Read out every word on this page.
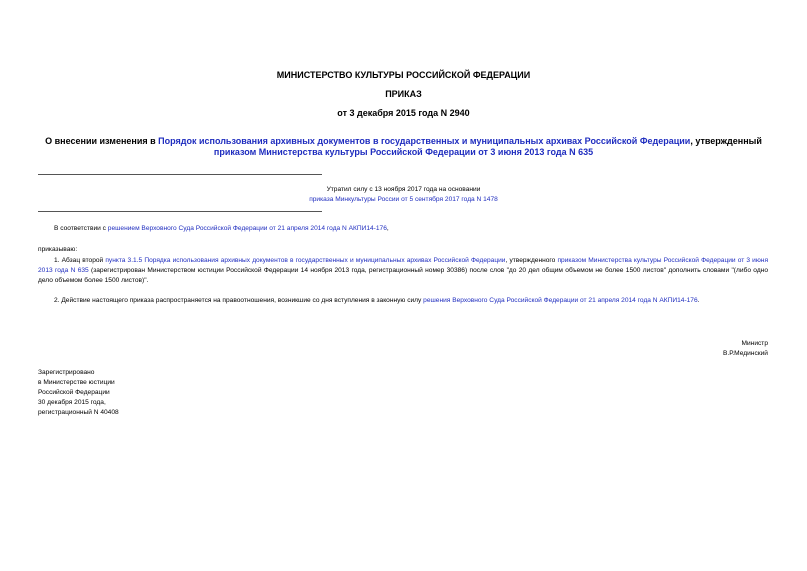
МИНИСТЕРСТВО КУЛЬТУРЫ РОССИЙСКОЙ ФЕДЕРАЦИИ
ПРИКАЗ
от 3 декабря 2015 года N 2940
О внесении изменения в Порядок использования архивных документов в государственных и муниципальных архивах Российской Федерации, утвержденный приказом Министерства культуры Российской Федерации от 3 июня 2013 года N 635
Утратил силу с 13 ноября 2017 года на основании
приказа Минкультуры России от 5 сентября 2017 года N 1478
В соответствии с решением Верховного Суда Российской Федерации от 21 апреля 2014 года N АКПИ14-176,
приказываю:
1. Абзац второй пункта 3.1.5 Порядка использования архивных документов в государственных и муниципальных архивах Российской Федерации, утвержденного приказом Министерства культуры Российской Федерации от 3 июня 2013 года N 635 (зарегистрирован Министерством юстиции Российской Федерации 14 ноября 2013 года, регистрационный номер 30386) после слов "до 20 дел общим объемом не более 1500 листов" дополнить словами "(либо одно дело объемом более 1500 листов)".
2. Действие настоящего приказа распространяется на правоотношения, возникшие со дня вступления в законную силу решения Верховного Суда Российской Федерации от 21 апреля 2014 года N АКПИ14-176.
Министр
В.Р.Мединский
Зарегистрировано
в Министерстве юстиции
Российской Федерации
30 декабря 2015 года,
регистрационный N 40408
